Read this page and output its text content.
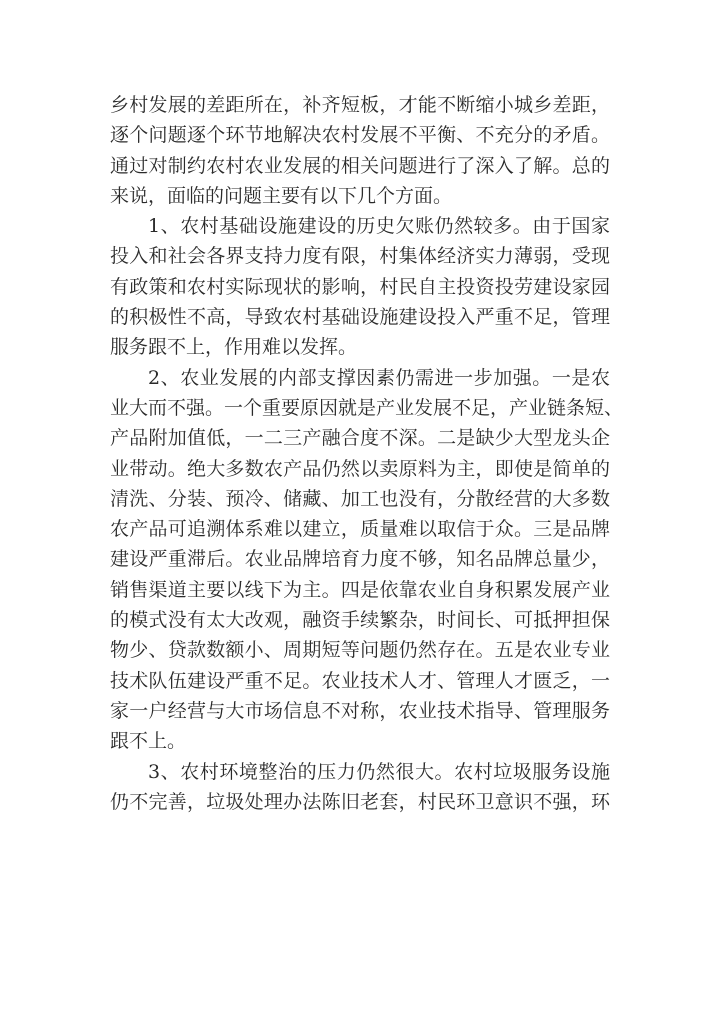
乡村发展的差距所在，补齐短板，才能不断缩小城乡差距，
逐个问题逐个环节地解决农村发展不平衡、不充分的矛盾。
通过对制约农村农业发展的相关问题进行了深入了解。总的
来说，面临的问题主要有以下几个方面。
1、农村基础设施建设的历史欠账仍然较多。由于国家
投入和社会各界支持力度有限，村集体经济实力薄弱，受现
有政策和农村实际现状的影响，村民自主投资投劳建设家园
的积极性不高，导致农村基础设施建设投入严重不足，管理
服务跟不上，作用难以发挥。
2、农业发展的内部支撑因素仍需进一步加强。一是农
业大而不强。一个重要原因就是产业发展不足，产业链条短、
产品附加值低，一二三产融合度不深。二是缺少大型龙头企
业带动。绝大多数农产品仍然以卖原料为主，即使是简单的
清洗、分装、预冷、储藏、加工也没有，分散经营的大多数
农产品可追溯体系难以建立，质量难以取信于众。三是品牌
建设严重滞后。农业品牌培育力度不够，知名品牌总量少，
销售渠道主要以线下为主。四是依靠农业自身积累发展产业
的模式没有太大改观，融资手续繁杂，时间长、可抵押担保
物少、贷款数额小、周期短等问题仍然存在。五是农业专业
技术队伍建设严重不足。农业技术人才、管理人才匮乏，一
家一户经营与大市场信息不对称，农业技术指导、管理服务
跟不上。
3、农村环境整治的压力仍然很大。农村垃圾服务设施
仍不完善，垃圾处理办法陈旧老套，村民环卫意识不强，环
